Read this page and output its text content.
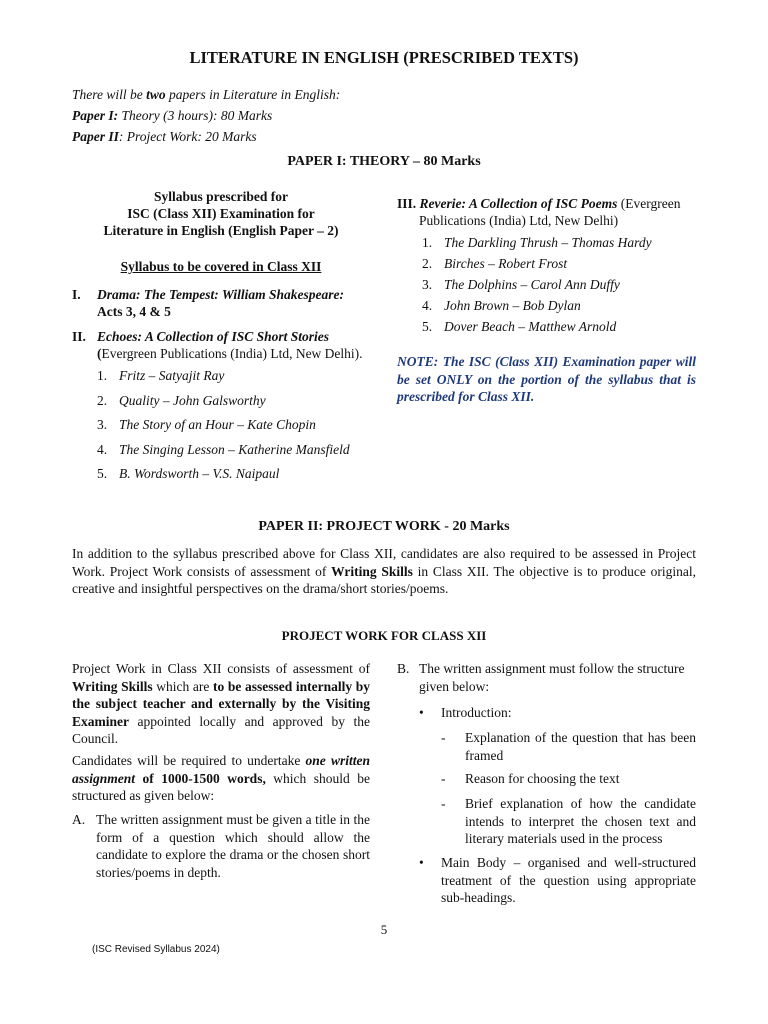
LITERATURE IN ENGLISH (PRESCRIBED TEXTS)
There will be two papers in Literature in English:
Paper I: Theory (3 hours): 80 Marks
Paper II: Project Work: 20 Marks
PAPER I: THEORY – 80 Marks
Syllabus prescribed for
ISC (Class XII) Examination for
Literature in English (English Paper – 2)
Syllabus to be covered in Class XII
I. Drama: The Tempest: William Shakespeare:
Acts 3, 4 & 5
II. Echoes: A Collection of ISC Short Stories
(Evergreen Publications (India) Ltd, New Delhi).
1. Fritz – Satyajit Ray
2. Quality – John Galsworthy
3. The Story of an Hour – Kate Chopin
4. The Singing Lesson – Katherine Mansfield
5. B. Wordsworth – V.S. Naipaul
III. Reverie: A Collection of ISC Poems (Evergreen
Publications (India) Ltd, New Delhi)
1. The Darkling Thrush – Thomas Hardy
2. Birches – Robert Frost
3. The Dolphins – Carol Ann Duffy
4. John Brown – Bob Dylan
5. Dover Beach – Matthew Arnold
NOTE: The ISC (Class XII) Examination paper will be set ONLY on the portion of the syllabus that is prescribed for Class XII.
PAPER II: PROJECT WORK - 20 Marks
In addition to the syllabus prescribed above for Class XII, candidates are also required to be assessed in Project Work. Project Work consists of assessment of Writing Skills in Class XII. The objective is to produce original, creative and insightful perspectives on the drama/short stories/poems.
PROJECT WORK FOR CLASS XII
Project Work in Class XII consists of assessment of Writing Skills which are to be assessed internally by the subject teacher and externally by the Visiting Examiner appointed locally and approved by the Council.
Candidates will be required to undertake one written assignment of 1000-1500 words, which should be structured as given below:
A. The written assignment must be given a title in the form of a question which should allow the candidate to explore the drama or the chosen short stories/poems in depth.
B. The written assignment must follow the structure given below:
• Introduction:
- Explanation of the question that has been framed
- Reason for choosing the text
- Brief explanation of how the candidate intends to interpret the chosen text and literary materials used in the process
• Main Body – organised and well-structured treatment of the question using appropriate sub-headings.
5
(ISC Revised Syllabus 2024)
